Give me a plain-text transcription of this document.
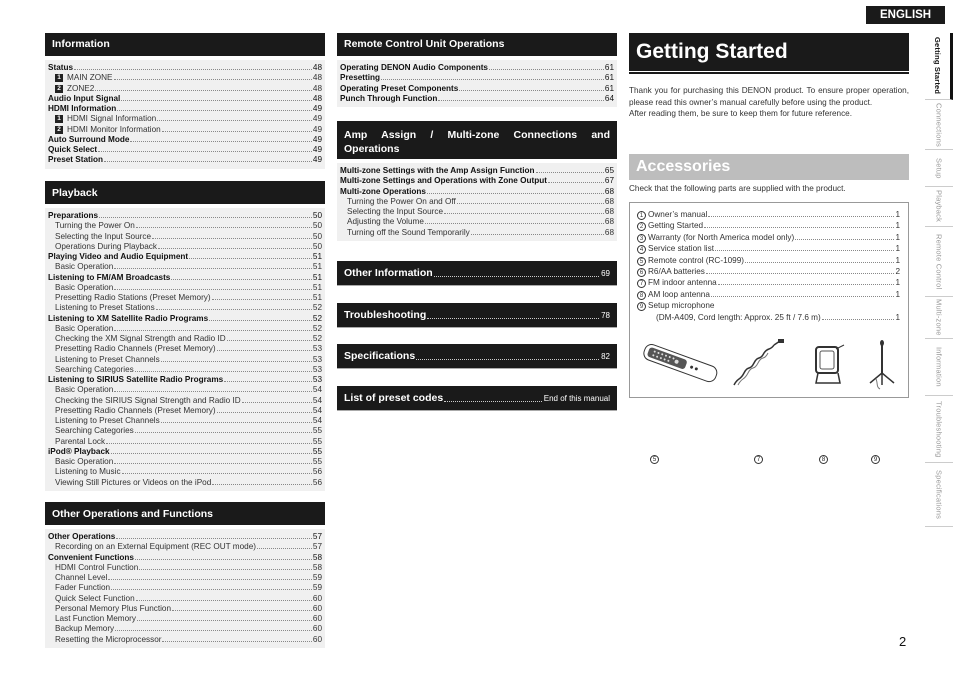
ENGLISH
Information
Status	48
1 MAIN ZONE	48
2 ZONE2	48
Audio Input Signal	48
HDMI Information	49
1 HDMI Signal Information	49
2 HDMI Monitor Information	49
Auto Surround Mode	49
Quick Select	49
Preset Station	49
Playback
Preparations	50
Turning the Power On	50
Selecting the Input Source	50
Operations During Playback	50
Playing Video and Audio Equipment	51
Basic Operation	51
Listening to FM/AM Broadcasts	51
Basic Operation	51
Presetting Radio Stations (Preset Memory)	51
Listening to Preset Stations	52
Listening to XM Satellite Radio Programs	52
Basic Operation	52
Checking the XM Signal Strength and Radio ID	52
Presetting Radio Channels (Preset Memory)	53
Listening to Preset Channels	53
Searching Categories	53
Listening to SIRIUS Satellite Radio Programs	53
Basic Operation	54
Checking the SIRIUS Signal Strength and Radio ID	54
Presetting Radio Channels (Preset Memory)	54
Listening to Preset Channels	54
Searching Categories	55
Parental Lock	55
iPod® Playback	55
Basic Operation	55
Listening to Music	56
Viewing Still Pictures or Videos on the iPod	56
Other Operations and Functions
Other Operations	57
Recording on an External Equipment (REC OUT mode)	57
Convenient Functions	58
HDMI Control Function	58
Channel Level	59
Fader Function	59
Quick Select Function	60
Personal Memory Plus Function	60
Last Function Memory	60
Backup Memory	60
Resetting the Microprocessor	60
Remote Control Unit Operations
Operating DENON Audio Components	61
Presetting	61
Operating Preset Components	61
Punch Through Function	64
Amp Assign / Multi-zone Connections and Operations
Multi-zone Settings with the Amp Assign Function	65
Multi-zone Settings and Operations with Zone Output	67
Multi-zone Operations	68
Turning the Power On and Off	68
Selecting the Input Source	68
Adjusting the Volume	68
Turning off the Sound Temporarily	68
Other Information	69
Troubleshooting	78
Specifications	82
List of preset codes	End of this manual
Getting Started
Thank you for purchasing this DENON product. To ensure proper operation, please read this owner’s manual carefully before using the product.
After reading them, be sure to keep them for future reference.
Accessories
Check that the following parts are supplied with the product.
1 Owner’s manual	1
2 Getting Started	1
3 Warranty (for North America model only)	1
4 Service station list	1
5 Remote control (RC-1099)	1
6 R6/AA batteries	2
7 FM indoor antenna	1
8 AM loop antenna	1
9 Setup microphone
(DM-A409, Cord length: Approx. 25 ft / 7.6 m)	1
5	7	8	9
Getting Started
Connections
Setup
Playback
Remote Control
Multi-zone
Information
Troubleshooting
Specifications
2
